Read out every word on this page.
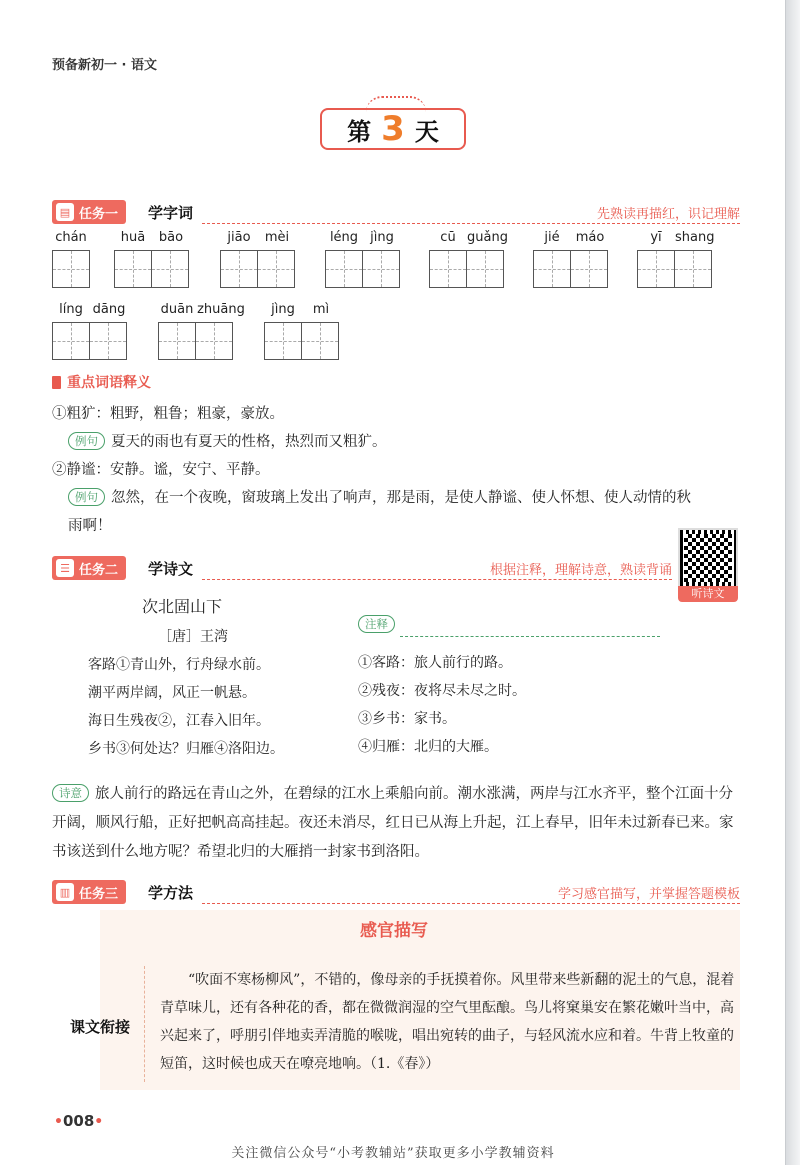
预备新初一 · 语文
第 3 天
▤ 任务一 学字词	先熟读再描红，识记理解
chán	huā	bāo	jiāo	mèi	léng jìng	cū guǎng	jié	máo	yī	shang
líng dāng	duān zhuāng	jìng	mì
重点词语释义
①粗犷：粗野，粗鲁；粗豪，豪放。
例句 夏天的雨也有夏天的性格，热烈而又粗犷。
②静谧：安静。谧，安宁、平静。
例句 忽然，在一个夜晚，窗玻璃上发出了响声，那是雨，是使人静谧、使人怀想、使人动情的秋
雨啊！
☰ 任务二 学诗文	根据注释，理解诗意，熟读背诵
听诗文
次北固山下
［唐］王湾
客路①青山外，行舟绿水前。
潮平两岸阔，风正一帆悬。
海日生残夜②，江春入旧年。
乡书③何处达？归雁④洛阳边。
注释
①客路：旅人前行的路。
②残夜：夜将尽未尽之时。
③乡书：家书。
④归雁：北归的大雁。
诗意 旅人前行的路远在青山之外，在碧绿的江水上乘船向前。潮水涨满，两岸与江水齐平，整个江面十分开阔，顺风行船，正好把帆高高挂起。夜还未消尽，红日已从海上升起，江上春早，旧年未过新春已来。家书该送到什么地方呢？希望北归的大雁捎一封家书到洛阳。
▥ 任务三 学方法	学习感官描写，并掌握答题模板
感官描写
课文衔接
“吹面不寒杨柳风”，不错的，像母亲的手抚摸着你。风里带来些新翻的泥土的气息，混着青草味儿，还有各种花的香，都在微微润湿的空气里酝酿。鸟儿将窠巢安在繁花嫩叶当中，高兴起来了，呼朋引伴地卖弄清脆的喉咙，唱出宛转的曲子，与轻风流水应和着。牛背上牧童的短笛，这时候也成天在嘹亮地响。（1.《春》）
• 008 •
关注微信公众号“小考教辅站”获取更多小学教辅资料
